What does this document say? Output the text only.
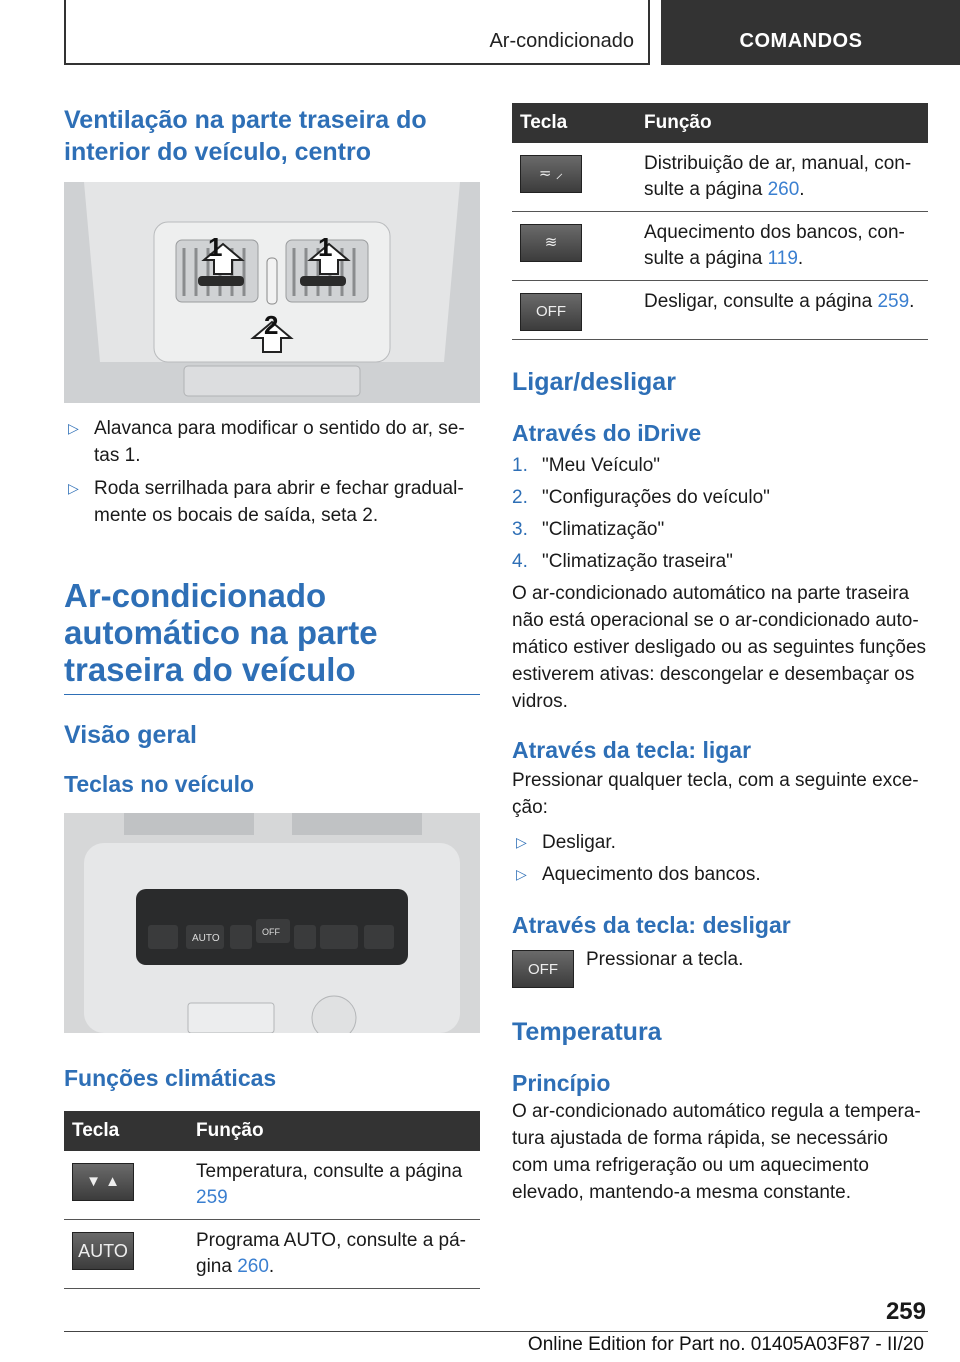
Ar-condicionado	COMANDOS
Ventilação na parte traseira do interior do veículo, centro
1	1
2
▷ Alavanca para modificar o sentido do ar, se-tas 1.
▷ Roda serrilhada para abrir e fechar gradual-mente os bocais de saída, seta 2.
Ar-condicionado automático na parte traseira do veículo
Visão geral
Teclas no veículo
AUTO
OFF
Funções climáticas
Tecla	Função

▼ ▲	Temperatura, consulte a página 259

AUTO	Programa AUTO, consulte a pá-gina 260.
Tecla	Função

≂ ⸝	Distribuição de ar, manual, con-sulte a página 260.

≋	Aquecimento dos bancos, con-sulte a página 119.

OFF	Desligar, consulte a página 259.
Ligar/desligar
Através do iDrive
1. "Meu Veículo"
2. "Configurações do veículo"
3. "Climatização"
4. "Climatização traseira"

O ar-condicionado automático na parte traseira não está operacional se o ar-condicionado auto-mático estiver desligado ou as seguintes funções estiverem ativas: descongelar e desembaçar os vidros.

Através da tecla: ligar

Pressionar qualquer tecla, com a seguinte exce-ção:

▷ Desligar.
▷ Aquecimento dos bancos.
Através da tecla: desligar
OFF	Pressionar a tecla.

Temperatura
Princípio

O ar-condicionado automático regula a tempera-tura ajustada de forma rápida, se necessário com uma refrigeração ou um aquecimento elevado, mantendo-a mesma constante.

259
Online Edition for Part no. 01405A03F87 - II/20
